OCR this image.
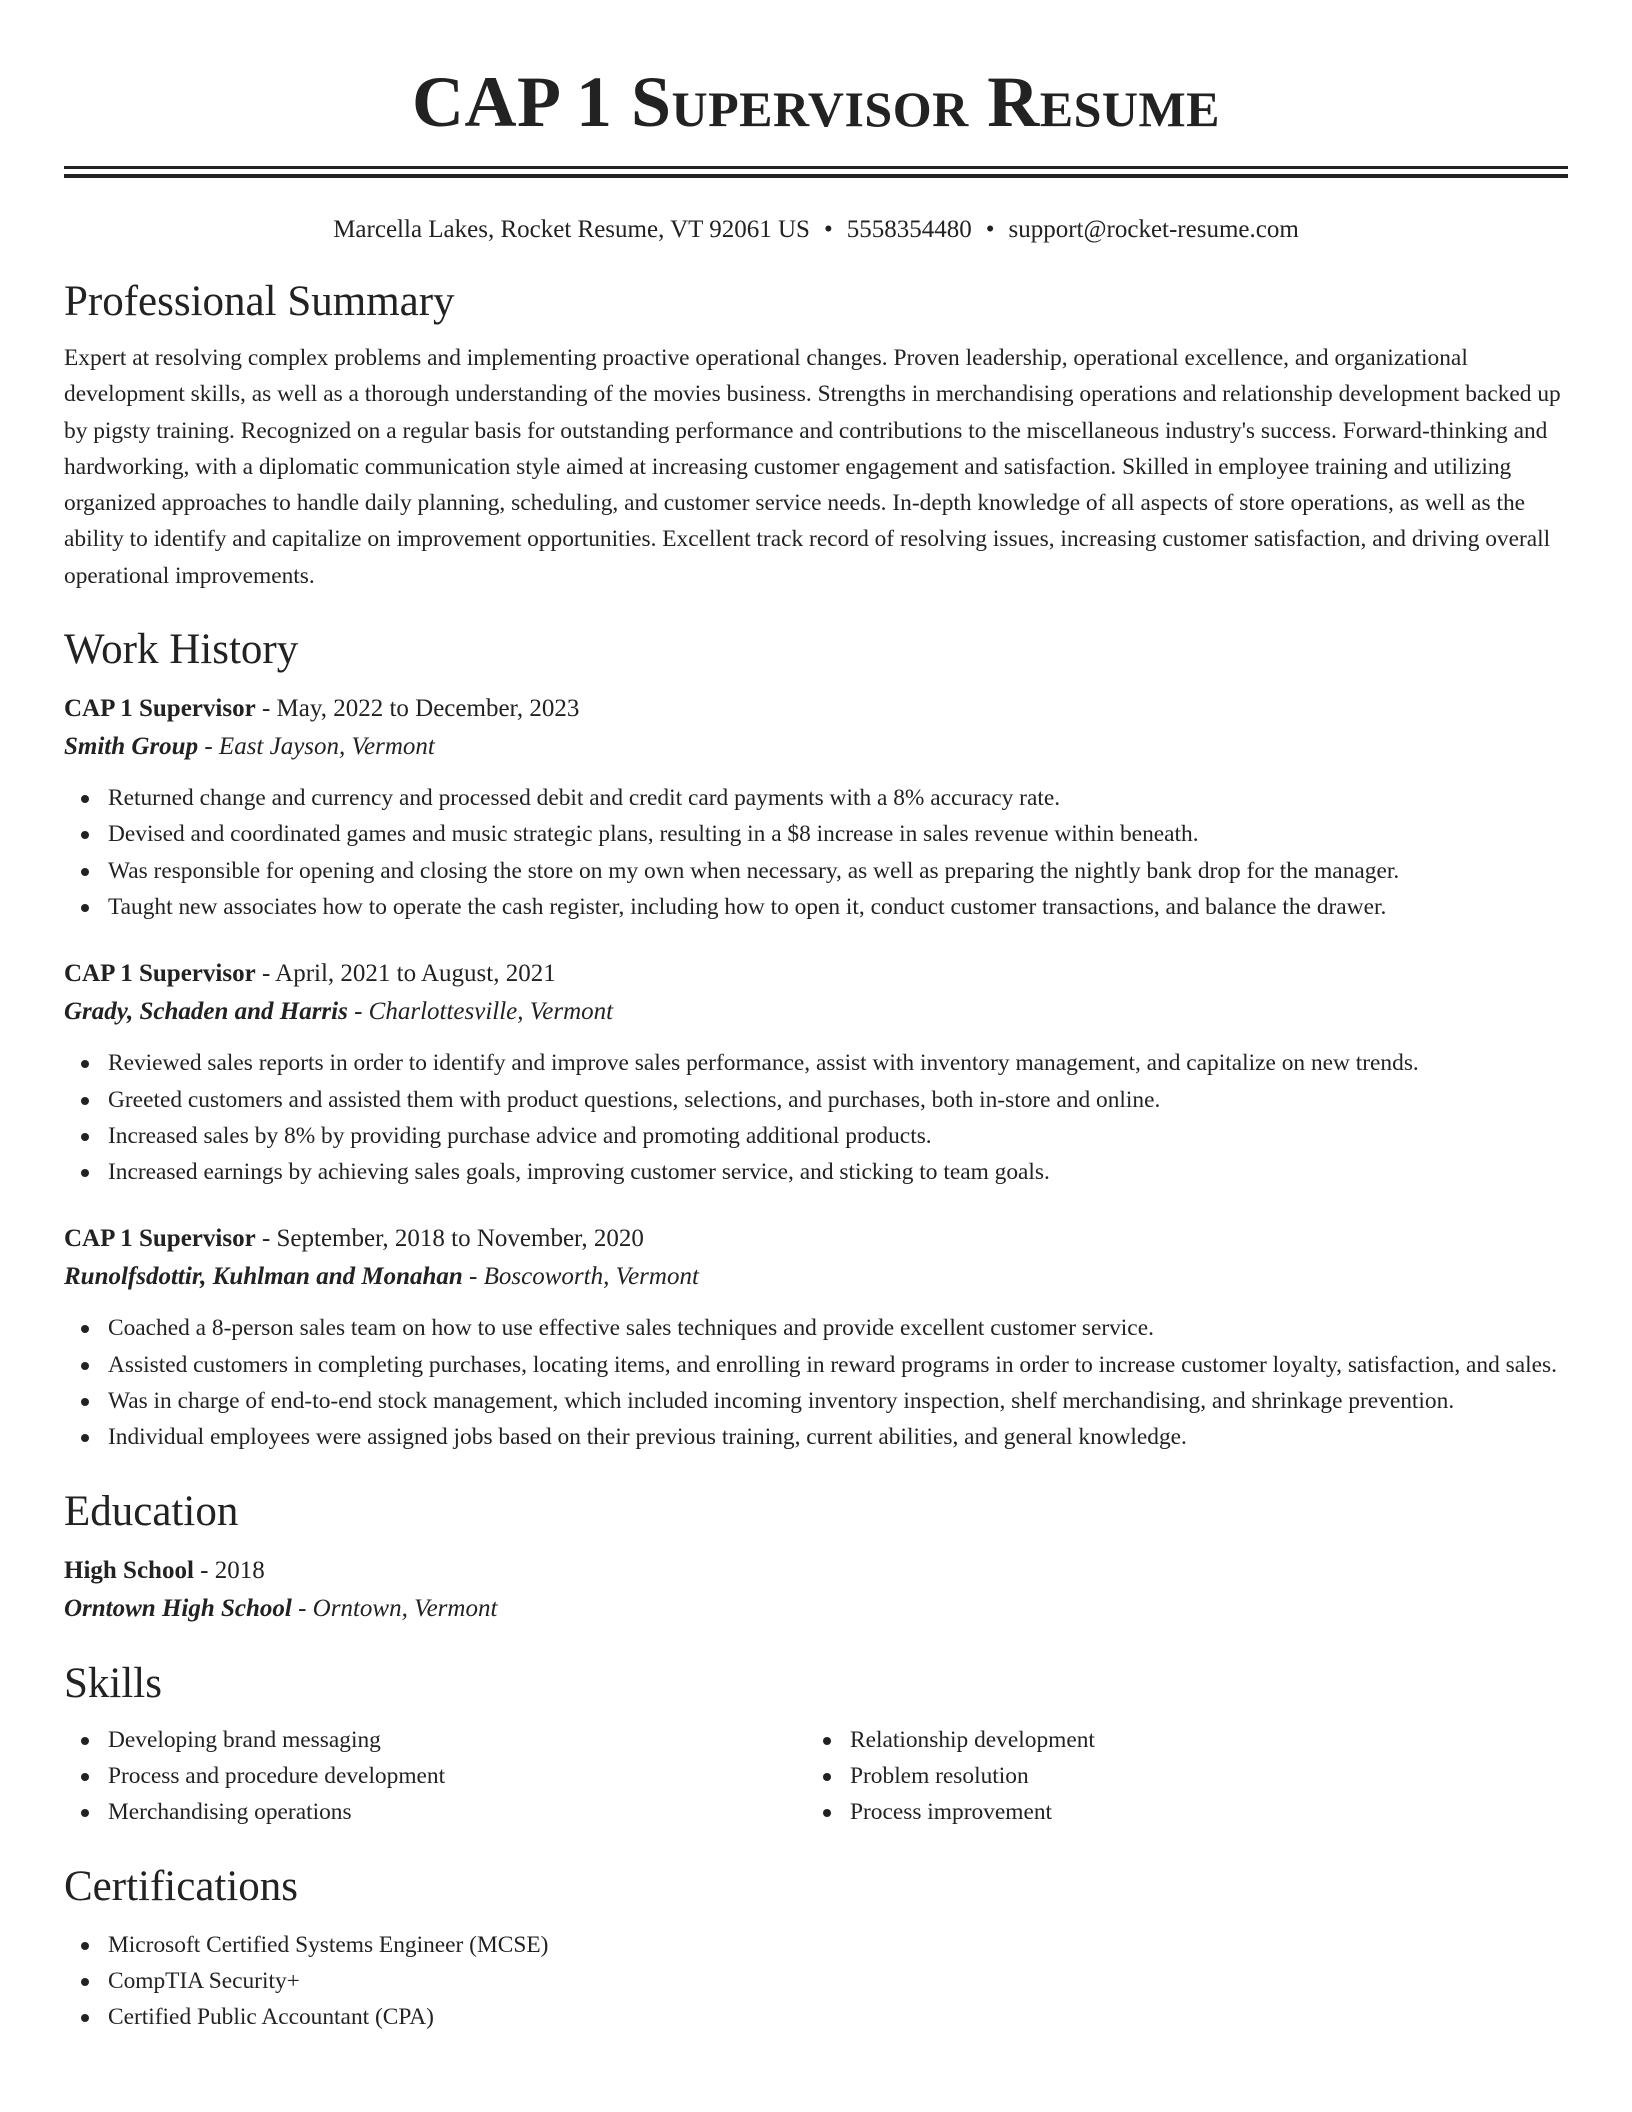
CAP 1 Supervisor Resume
Marcella Lakes, Rocket Resume, VT 92061 US • 5558354480 • support@rocket-resume.com
Professional Summary

Expert at resolving complex problems and implementing proactive operational changes. Proven leadership, operational excellence, and organizational development skills, as well as a thorough understanding of the movies business. Strengths in merchandising operations and relationship development backed up by pigsty training. Recognized on a regular basis for outstanding performance and contributions to the miscellaneous industry's success. Forward-thinking and hardworking, with a diplomatic communication style aimed at increasing customer engagement and satisfaction. Skilled in employee training and utilizing organized approaches to handle daily planning, scheduling, and customer service needs. In-depth knowledge of all aspects of store operations, as well as the ability to identify and capitalize on improvement opportunities. Excellent track record of resolving issues, increasing customer satisfaction, and driving overall operational improvements.

Work History
CAP 1 Supervisor - May, 2022 to December, 2023
Smith Group - East Jayson, Vermont
Returned change and currency and processed debit and credit card payments with a 8% accuracy rate.
Devised and coordinated games and music strategic plans, resulting in a $8 increase in sales revenue within beneath.
Was responsible for opening and closing the store on my own when necessary, as well as preparing the nightly bank drop for the manager.
Taught new associates how to operate the cash register, including how to open it, conduct customer transactions, and balance the drawer.
CAP 1 Supervisor - April, 2021 to August, 2021
Grady, Schaden and Harris - Charlottesville, Vermont
Reviewed sales reports in order to identify and improve sales performance, assist with inventory management, and capitalize on new trends.
Greeted customers and assisted them with product questions, selections, and purchases, both in-store and online.
Increased sales by 8% by providing purchase advice and promoting additional products.
Increased earnings by achieving sales goals, improving customer service, and sticking to team goals.
CAP 1 Supervisor - September, 2018 to November, 2020
Runolfsdottir, Kuhlman and Monahan - Boscoworth, Vermont
Coached a 8-person sales team on how to use effective sales techniques and provide excellent customer service.
Assisted customers in completing purchases, locating items, and enrolling in reward programs in order to increase customer loyalty, satisfaction, and sales.
Was in charge of end-to-end stock management, which included incoming inventory inspection, shelf merchandising, and shrinkage prevention.
Individual employees were assigned jobs based on their previous training, current abilities, and general knowledge.
Education
High School - 2018
Orntown High School - Orntown, Vermont
Skills
Developing brand messaging
Process and procedure development
Merchandising operations
Relationship development
Problem resolution
Process improvement
Certifications
Microsoft Certified Systems Engineer (MCSE)
CompTIA Security+
Certified Public Accountant (CPA)
